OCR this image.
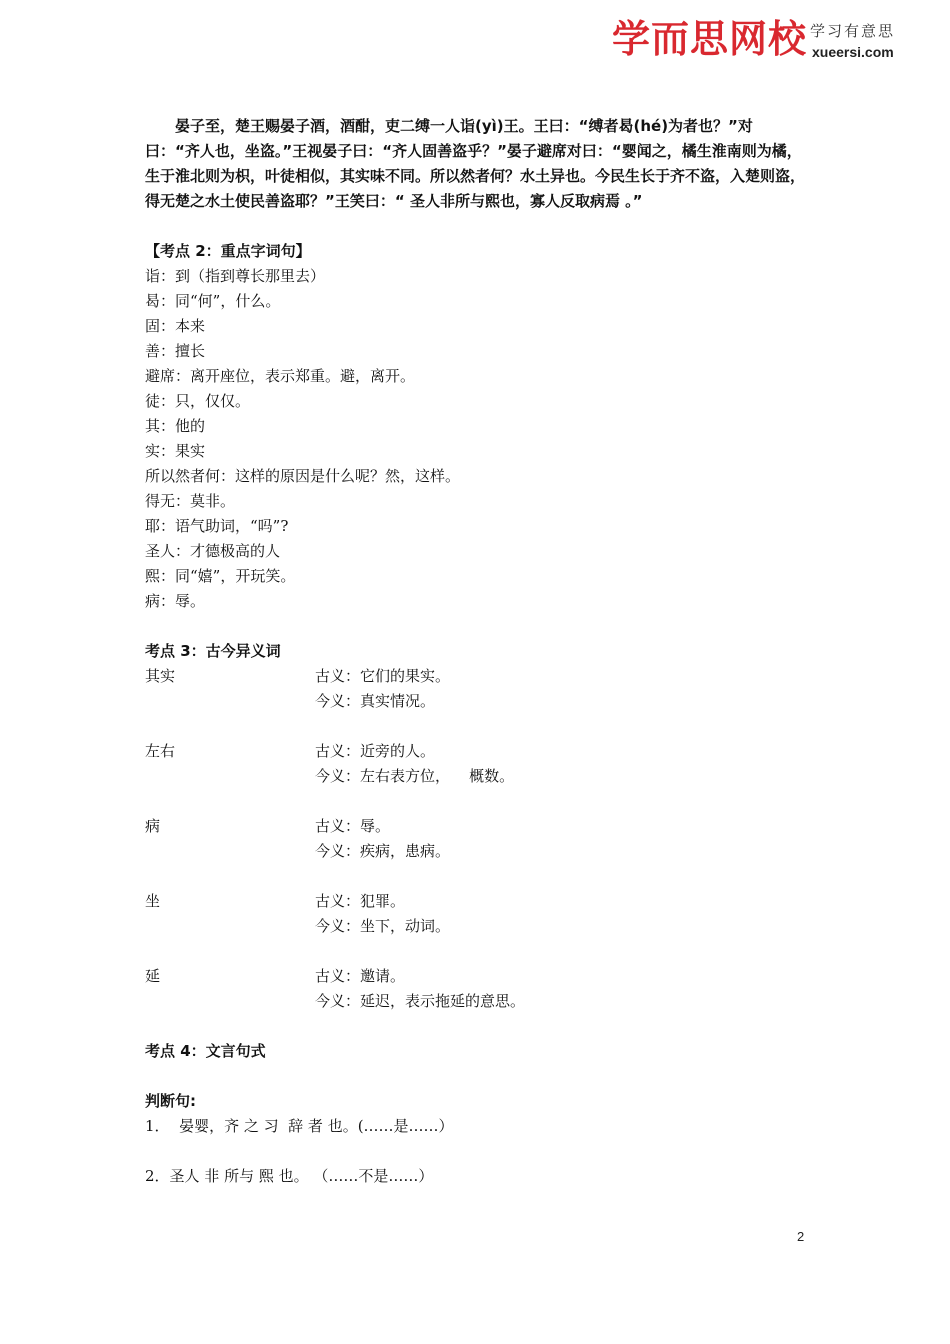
学而思网校 学习有意思
xueersi.com

晏子至，楚王赐晏子酒，酒酣，吏二缚一人诣(yì)王。王曰：“缚者曷(hé)为者也？”对曰：“齐人也，坐盗。”王视晏子曰：“齐人固善盗乎？”晏子避席对曰：“婴闻之，橘生淮南则为橘，生于淮北则为枳，叶徒相似，其实味不同。所以然者何？水土异也。今民生长于齐不盗，入楚则盗，得无楚之水土使民善盗耶？”王笑曰：“ 圣人非所与熙也，寡人反取病焉 。”

【考点 2：重点字词句】

诣：到（指到尊长那里去）

曷：同“何”，什么。

固：本来

善：擅长

避席：离开座位，表示郑重。避，离开。

徒：只，仅仅。

其：他的

实：果实

所以然者何：这样的原因是什么呢？然，这样。

得无：莫非。

耶：语气助词，“吗”?

圣人：才德极高的人

熙：同“嬉”，开玩笑。

病：辱。

考点 3：古今异义词

其实	古义：它们的果实。

今义：真实情况。

左右	古义：近旁的人。

今义：左右表方位，    概数。

病	古义：辱。

今义：疾病，患病。

坐	古义：犯罪。

今义：坐下，动词。

延	古义：邀请。

今义：延迟，表示拖延的意思。

考点 4：文言句式

判断句:

1．  晏婴，齐 之 习  辞 者 也。(……是……）

2．圣人 非 所与 熙 也。 （……不是……）

2
